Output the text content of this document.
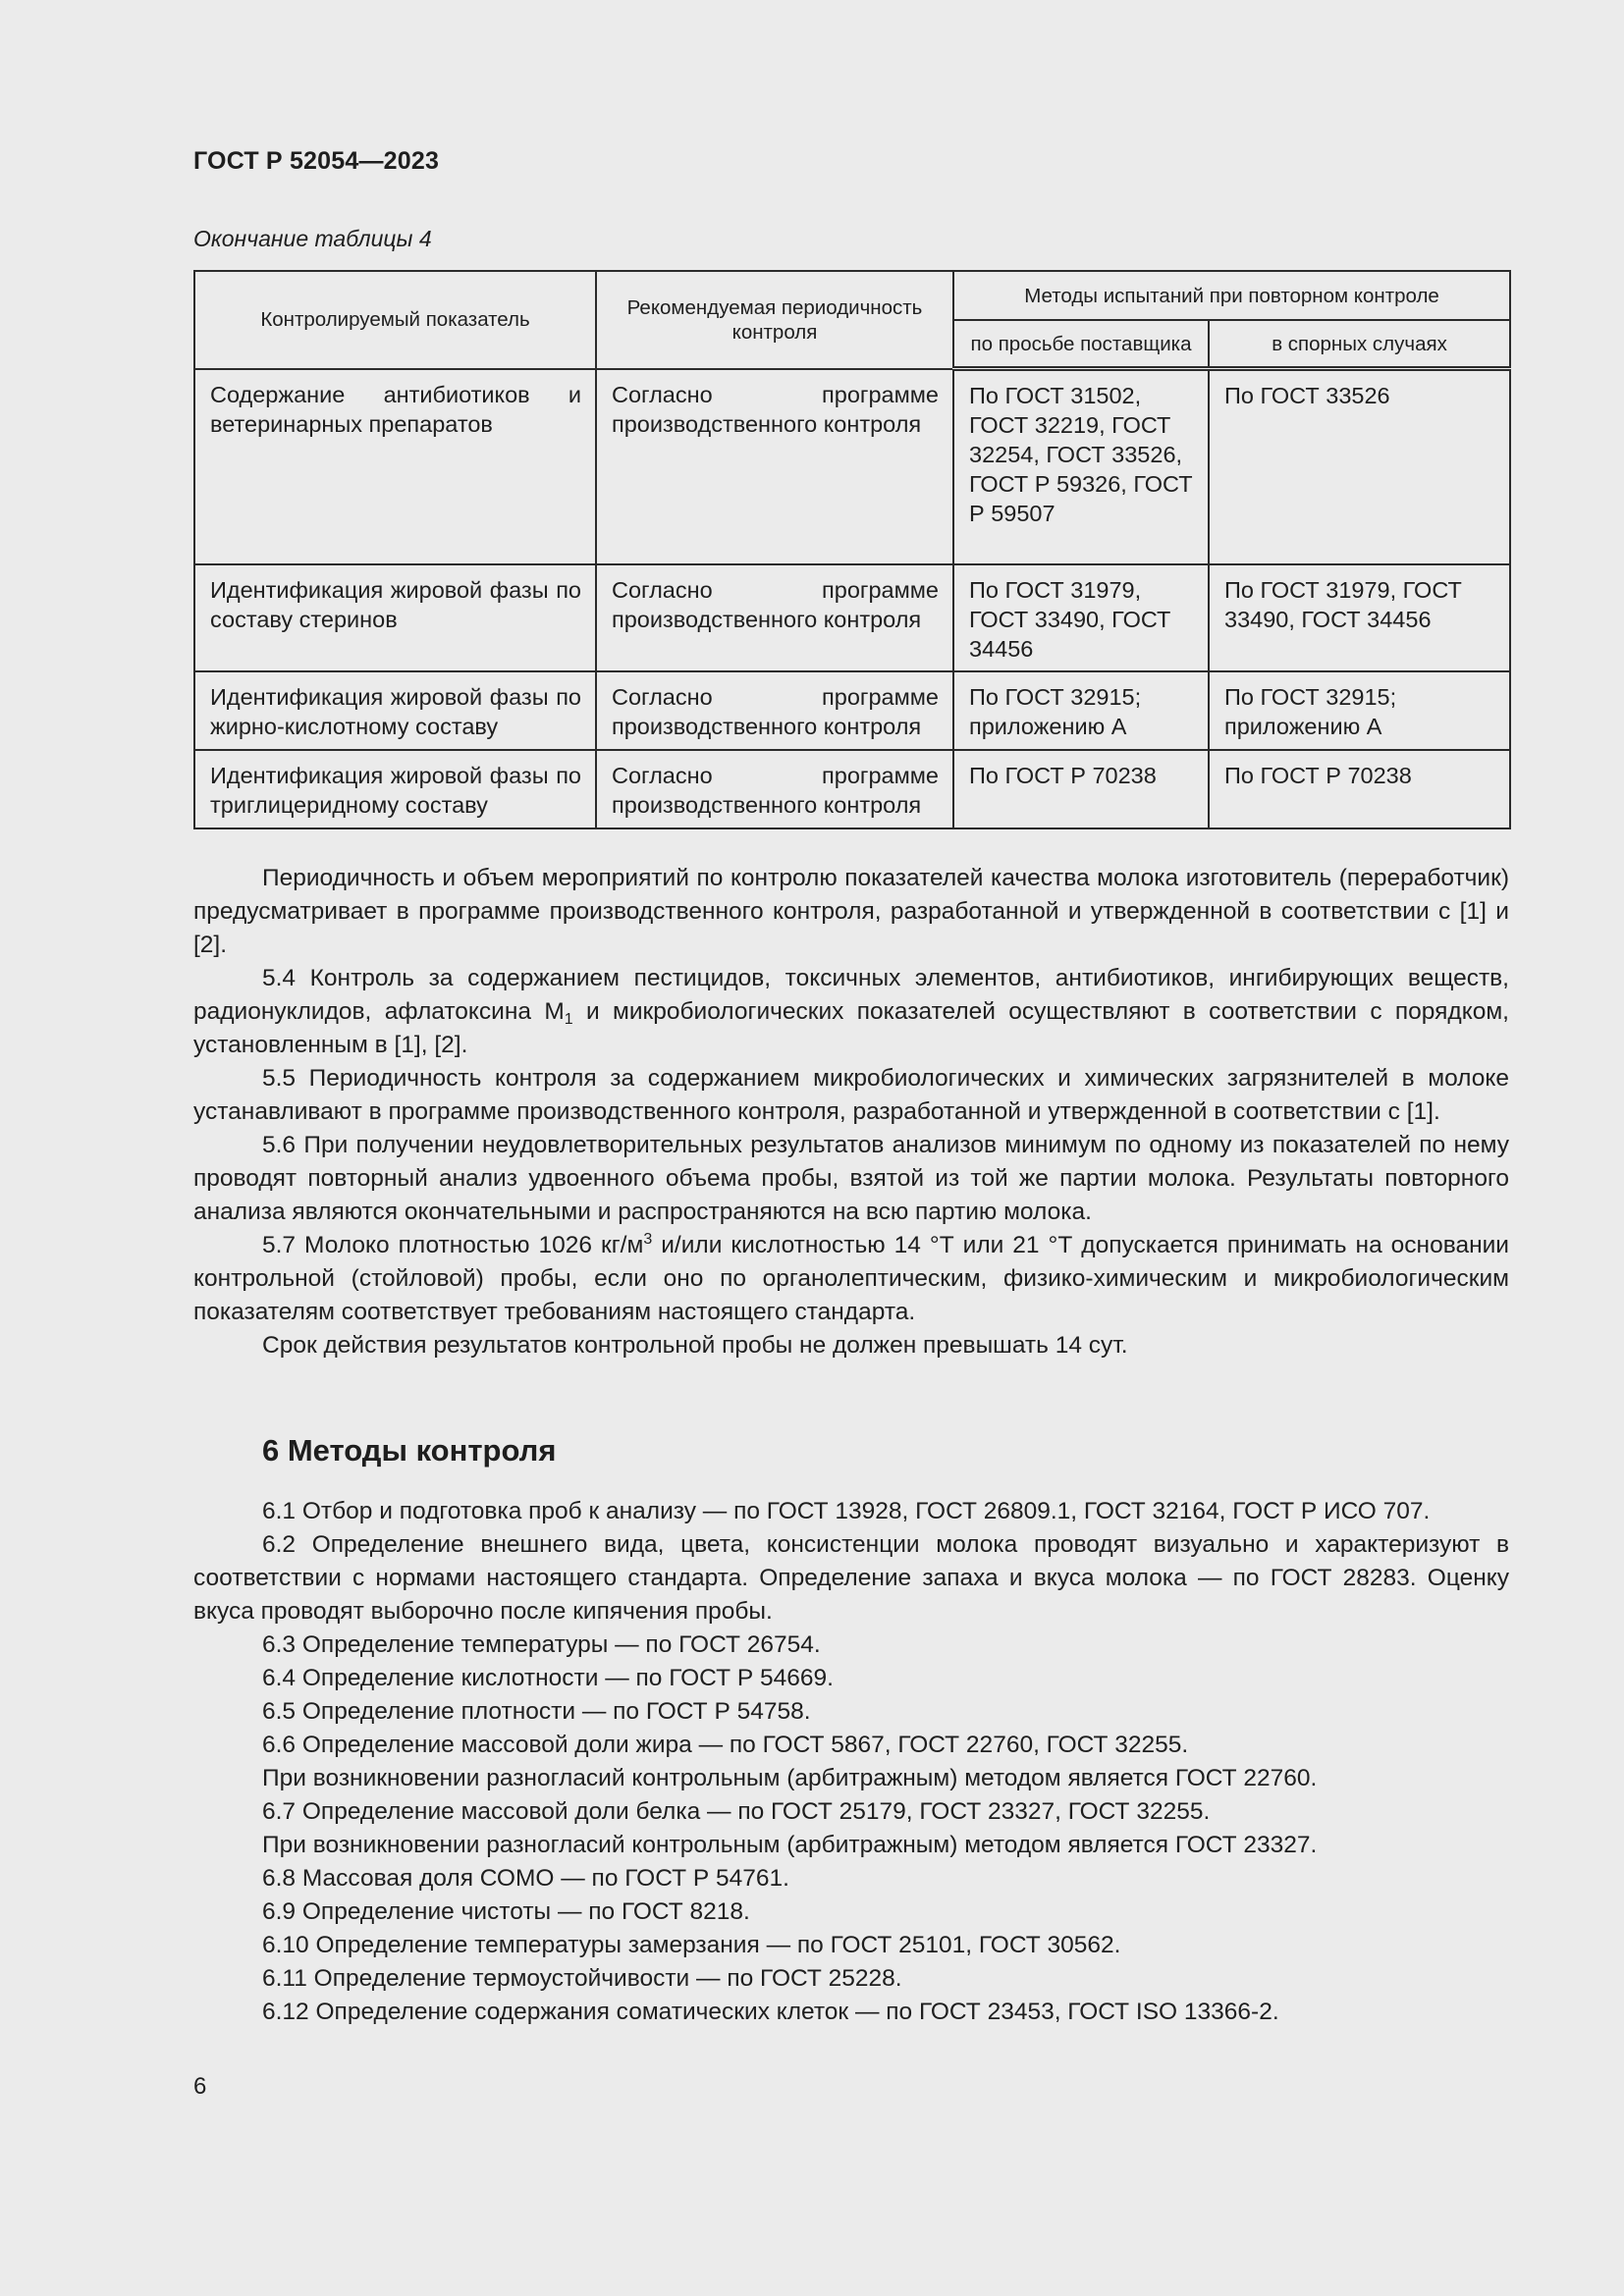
ГОСТ Р 52054—2023
Окончание таблицы 4
Контролируемый показатель	Рекомендуемая периодичность контроля	Методы испытаний при повторном контроле	
		по просьбе поставщика	в спорных случаях
Содержание антибиотиков и ветеринарных препаратов	Согласно программе производственного контроля	По ГОСТ 31502, ГОСТ 32219, ГОСТ 32254, ГОСТ 33526, ГОСТ Р 59326, ГОСТ Р 59507	По ГОСТ 33526
Идентификация жировой фазы по составу стеринов	Согласно программе производственного контроля	По ГОСТ 31979, ГОСТ 33490, ГОСТ 34456	По ГОСТ 31979, ГОСТ 33490, ГОСТ 34456
Идентификация жировой фазы по жирно-кислотному составу	Согласно программе производственного контроля	По ГОСТ 32915; приложению А	По ГОСТ 32915; приложению А
Идентификация жировой фазы по триглицеридному составу	Согласно программе производственного контроля	По ГОСТ Р 70238	По ГОСТ Р 70238

Периодичность и объем мероприятий по контролю показателей качества молока изготовитель (переработчик) предусматривает в программе производственного контроля, разработанной и утвержденной в соответствии с [1] и [2].

5.4 Контроль за содержанием пестицидов, токсичных элементов, антибиотиков, ингибирующих веществ, радионуклидов, афлатоксина $М_1$ и микробиологических показателей осуществляют в соответствии с порядком, установленным в [1], [2].

5.5 Периодичность контроля за содержанием микробиологических и химических загрязнителей в молоке устанавливают в программе производственного контроля, разработанной и утвержденной в соответствии с [1].

5.6 При получении неудовлетворительных результатов анализов минимум по одному из показателей по нему проводят повторный анализ удвоенного объема пробы, взятой из той же партии молока. Результаты повторного анализа являются окончательными и распространяются на всю партию молока.

5.7 Молоко плотностью 1026 $кг/м^3$ и/или кислотностью 14 °Т или 21 °Т допускается принимать на основании контрольной (стойловой) пробы, если оно по органолептическим, физико-химическим и микробиологическим показателям соответствует требованиям настоящего стандарта.

Срок действия результатов контрольной пробы не должен превышать 14 сут.

6 Методы контроля

6.1 Отбор и подготовка проб к анализу — по ГОСТ 13928, ГОСТ 26809.1, ГОСТ 32164, ГОСТ Р ИСО 707.

6.2 Определение внешнего вида, цвета, консистенции молока проводят визуально и характеризуют в соответствии с нормами настоящего стандарта. Определение запаха и вкуса молока — по ГОСТ 28283. Оценку вкуса проводят выборочно после кипячения пробы.

6.3 Определение температуры — по ГОСТ 26754.

6.4 Определение кислотности — по ГОСТ Р 54669.

6.5 Определение плотности — по ГОСТ Р 54758.

6.6 Определение массовой доли жира — по ГОСТ 5867, ГОСТ 22760, ГОСТ 32255.

При возникновении разногласий контрольным (арбитражным) методом является ГОСТ 22760.

6.7 Определение массовой доли белка — по ГОСТ 25179, ГОСТ 23327, ГОСТ 32255.

При возникновении разногласий контрольным (арбитражным) методом является ГОСТ 23327.

6.8 Массовая доля СОМО — по ГОСТ Р 54761.

6.9 Определение чистоты — по ГОСТ 8218.

6.10 Определение температуры замерзания — по ГОСТ 25101, ГОСТ 30562.

6.11 Определение термоустойчивости — по ГОСТ 25228.

6.12 Определение содержания соматических клеток — по ГОСТ 23453, ГОСТ ISO 13366-2.

6
